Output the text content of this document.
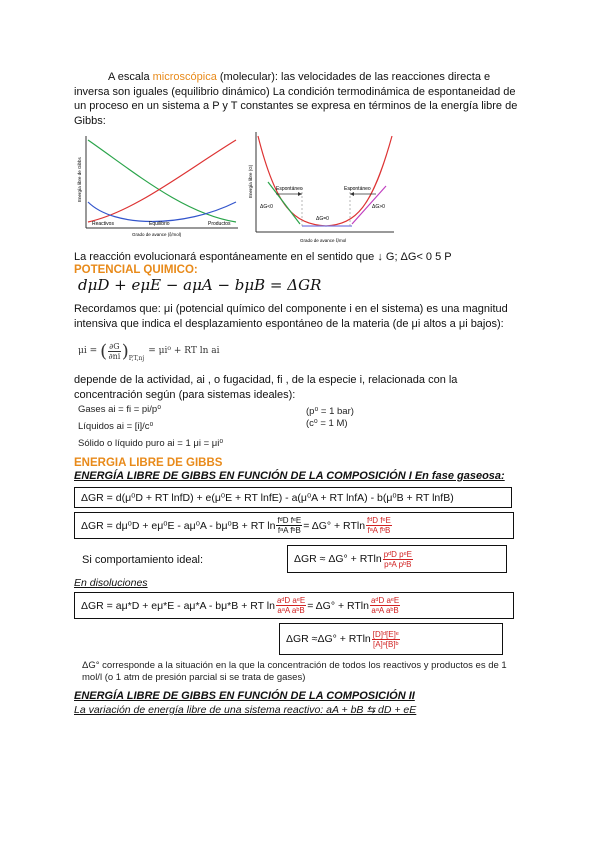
A escala microscópica (molecular): las velocidades de las reacciones directa e inversa son iguales (equilibrio dinámico) La condición termodinámica de espontaneidad de un proceso en un sistema a P y T constantes se expresa en términos de la energía libre de Gibbs:
Energía libre de Gibbs
Reactivos	Equilibrio	Productos
Grado de avance (ξ/mol)
Espontáneo	Espontáneo
ΔG<0
ΔG=0
ΔG>0
Energía libre (G)
Grado de avance ξ/mol
La reacción evolucionará espontáneamente en el sentido que ↓ G; ΔG< 0 5 P
POTENCIAL QUIMICO:
dμD + eμE − aμA − bμB = ΔGR
Recordamos que: μi (potencial químico del componente i en el sistema) es una magnitud intensiva que indica el desplazamiento espontáneo de la materia (de μi altos a μi bajos):
μi = ( $\frac{\partial G}{\partial ni}$ ) P,T,nj
= μi⁰ + RT ln ai
depende de la actividad, ai , o fugacidad, fi , de la especie i, relacionada con la concentración según (para sistemas ideales):
Gases ai = fi = pi/p⁰
Líquidos ai = [i]/c⁰
Sólido o líquido puro ai = 1 μi = μi⁰
(p⁰ = 1 bar)
(c⁰ = 1 M)
ENERGIA LIBRE DE GIBBS
ENERGÍA LIBRE DE GIBBS EN FUNCIÓN DE LA COMPOSICIÓN I En fase gaseosa:
ΔGR = d(μ⁰D + RT lnfD) + e(μ⁰E + RT lnfE) - a(μ⁰A + RT lnfA) - b(μ⁰B + RT lnfB)
ΔGR = dμ⁰D + eμ⁰E - aμ⁰A - bμ⁰B + RT $\ln \frac{\text{fᵈD fᵉE}}{\text{fᵃA fᵇB}} = \Delta G^\circ + RTln \frac{\text{fᵈD fᵉE}}{\text{fᵃA fᵇB}}$
Si comportamiento ideal:	ΔGR ≈ ΔG° + RTln $\frac{\text{pᵈD pᵉE}}{\text{pᵃA pᵇB}}$
En disoluciones
ΔGR = aμ*D + eμ*E - aμ*A - bμ*B + RT $\ln \frac{\text{aᵈD aᵉE}}{\text{aᵃA aᵇB}} = \Delta G^\circ + RTln \frac{\text{aᵈD aᵉE}}{\text{aᵃA aᵇB}}$
ΔGR ≈ΔG° + RTln $\frac{\text{[D]ᵈ[E]ᵉ}}{\text{[A]ᵃ[B]ᵇ}}$
ΔG° corresponde a la situación en la que la concentración de todos los reactivos y productos es de 1 mol/l (o 1 atm de presión parcial si se trata de gases)
ENERGÍA LIBRE DE GIBBS EN FUNCIÓN DE LA COMPOSICIÓN II
La variación de energía libre de una sistema reactivo: aA + bB ⇆ dD + eE
